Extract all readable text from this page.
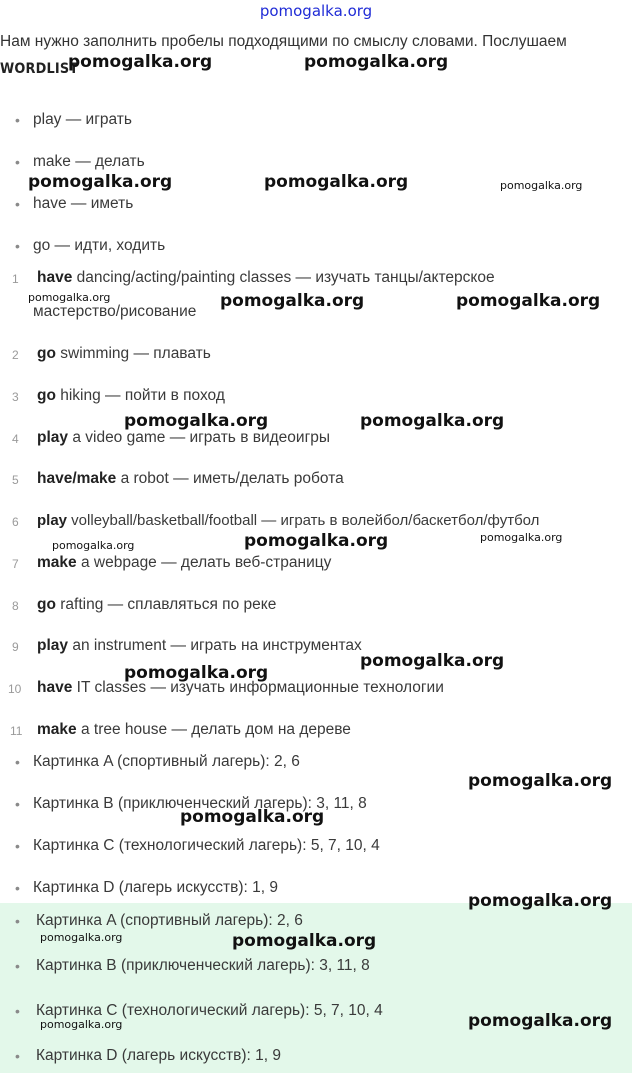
pomogalka.org
Нам нужно заполнить пробелы подходящими по смыслу словами. Послушаем
WORDLIST
• play — играть
• make — делать
• have — иметь
• go — идти, ходить
1 have dancing/acting/painting classes — изучать танцы/актерское
мастерство/рисование
2 go swimming — плавать
3 go hiking — пойти в поход
4 play a video game — играть в видеоигры
5 have/make a robot — иметь/делать робота
6 play volleyball/basketball/football — играть в волейбол/баскетбол/футбол
7 make a webpage — делать веб-страницу
8 go rafting — сплавляться по реке
9 play an instrument — играть на инструментах
10 have IT classes — изучать информационные технологии
11 make a tree house — делать дом на дереве
• Картинка A (спортивный лагерь): 2, 6
• Картинка B (приключенческий лагерь): 3, 11, 8
• Картинка C (технологический лагерь): 5, 7, 10, 4
• Картинка D (лагерь искусств): 1, 9
• Картинка A (спортивный лагерь): 2, 6
• Картинка B (приключенческий лагерь): 3, 11, 8
• Картинка C (технологический лагерь): 5, 7, 10, 4
• Картинка D (лагерь искусств): 1, 9
pomogalka.org	pomogalka.org
pomogalka.org	pomogalka.org	pomogalka.org
pomogalka.org	pomogalka.org	pomogalka.org
pomogalka.org	pomogalka.org
pomogalka.org	pomogalka.org	pomogalka.org
pomogalka.org
pomogalka.org
pomogalka.org
pomogalka.org
pomogalka.org
pomogalka.org	pomogalka.org
pomogalka.org	pomogalka.org
